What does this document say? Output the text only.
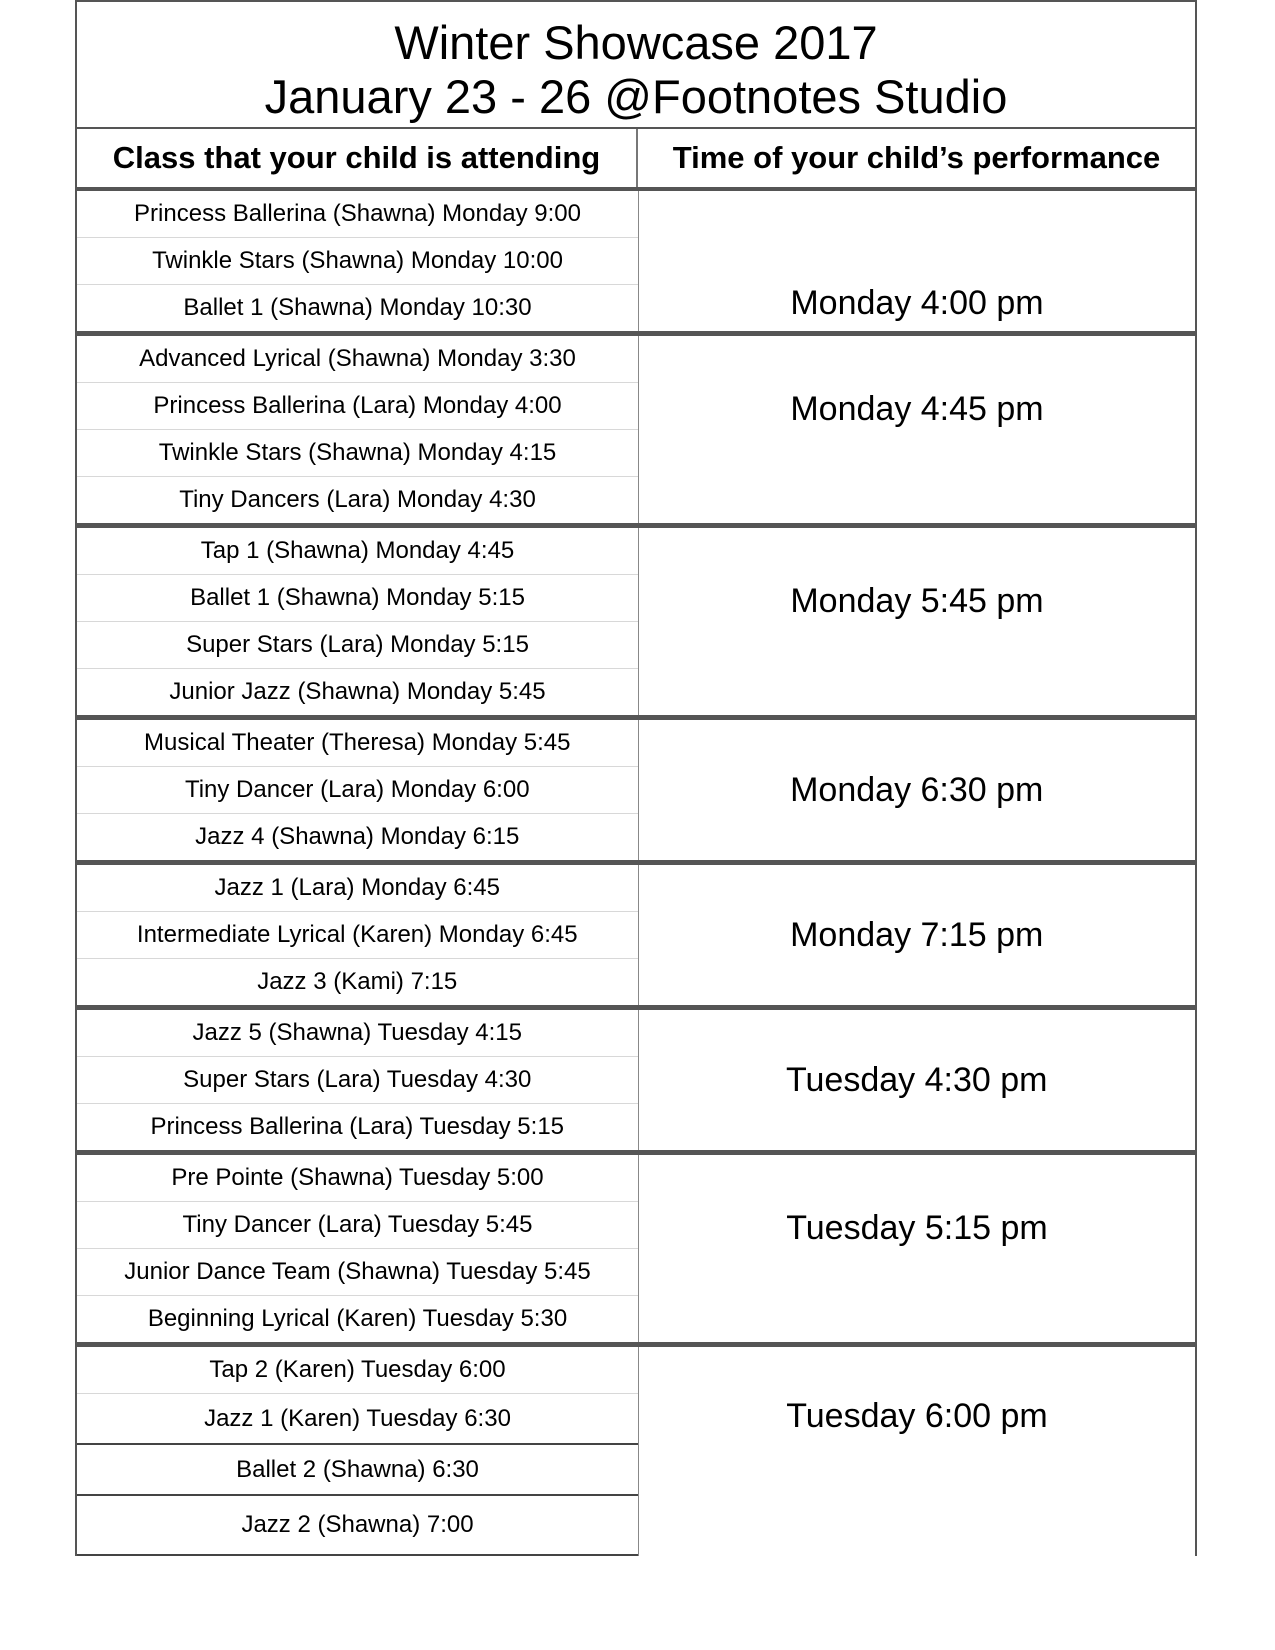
Winter Showcase 2017
January 23 - 26 @Footnotes Studio
Class that your child is attending	Time of your child’s performance
Princess Ballerina (Shawna) Monday 9:00
Twinkle Stars (Shawna) Monday 10:00
Ballet 1 (Shawna) Monday 10:30	Monday 4:00 pm
Advanced Lyrical (Shawna) Monday 3:30
Princess Ballerina (Lara) Monday 4:00
Twinkle Stars (Shawna) Monday 4:15
Tiny Dancers (Lara) Monday 4:30
Monday 4:45 pm
Tap 1 (Shawna) Monday 4:45
Ballet 1 (Shawna) Monday 5:15
Super Stars (Lara) Monday 5:15
Junior Jazz (Shawna) Monday 5:45
Monday 5:45 pm
Musical Theater (Theresa) Monday 5:45
Tiny Dancer (Lara) Monday 6:00
Jazz 4 (Shawna) Monday 6:15
Monday 6:30 pm
Jazz 1 (Lara) Monday 6:45
Intermediate Lyrical (Karen) Monday 6:45
Jazz 3 (Kami) 7:15
Monday 7:15 pm
Jazz 5 (Shawna) Tuesday 4:15
Super Stars (Lara) Tuesday 4:30
Princess Ballerina (Lara) Tuesday 5:15
Tuesday 4:30 pm
Pre Pointe (Shawna) Tuesday 5:00
Tiny Dancer (Lara) Tuesday 5:45
Junior Dance Team (Shawna) Tuesday 5:45
Beginning Lyrical (Karen) Tuesday 5:30
Tuesday 5:15 pm
Tap 2 (Karen) Tuesday 6:00
Jazz 1 (Karen) Tuesday 6:30
Ballet 2 (Shawna) 6:30
Jazz 2 (Shawna) 7:00
Tuesday 6:00 pm
